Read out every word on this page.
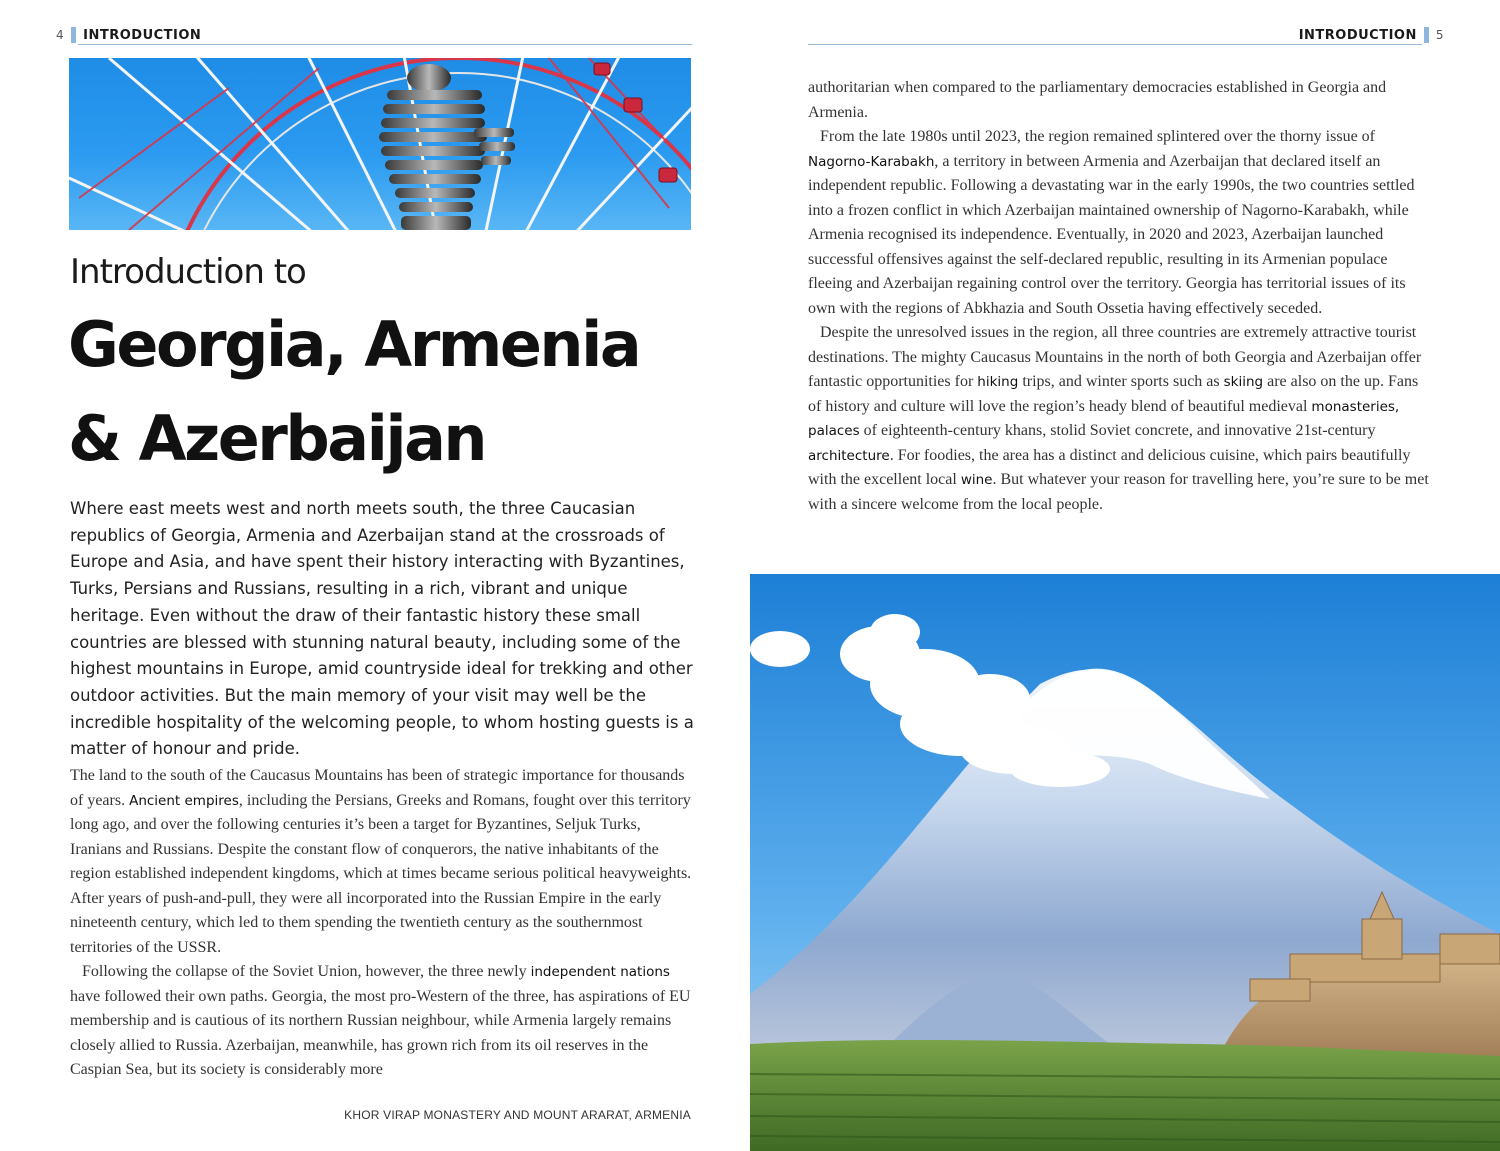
4 INTRODUCTION
Introduction to
Georgia, Armenia
& Azerbaijan

Where east meets west and north meets south, the three Caucasian republics of Georgia, Armenia and Azerbaijan stand at the crossroads of Europe and Asia, and have spent their history interacting with Byzantines, Turks, Persians and Russians, resulting in a rich, vibrant and unique heritage. Even without the draw of their fantastic history these small countries are blessed with stunning natural beauty, including some of the highest mountains in Europe, amid countryside ideal for trekking and other outdoor activities. But the main memory of your visit may well be the incredible hospitality of the welcoming people, to whom hosting guests is a matter of honour and pride.

The land to the south of the Caucasus Mountains has been of strategic importance for thousands of years. Ancient empires, including the Persians, Greeks and Romans, fought over this territory long ago, and over the following centuries it’s been a target for Byzantines, Seljuk Turks, Iranians and Russians. Despite the constant flow of conquerors, the native inhabitants of the region established independent kingdoms, which at times became serious political heavyweights. After years of push-and-pull, they were all incorporated into the Russian Empire in the early nineteenth century, which led to them spending the twentieth century as the southernmost territories of the USSR.

Following the collapse of the Soviet Union, however, the three newly independent nations have followed their own paths. Georgia, the most pro-Western of the three, has aspirations of EU membership and is cautious of its northern Russian neighbour, while Armenia largely remains closely allied to Russia. Azerbaijan, meanwhile, has grown rich from its oil reserves in the Caspian Sea, but its society is considerably more

KHOR VIRAP MONASTERY AND MOUNT ARARAT, ARMENIA
INTRODUCTION 5

authoritarian when compared to the parliamentary democracies established in Georgia and Armenia.

From the late 1980s until 2023, the region remained splintered over the thorny issue of Nagorno-Karabakh, a territory in between Armenia and Azerbaijan that declared itself an independent republic. Following a devastating war in the early 1990s, the two countries settled into a frozen conflict in which Azerbaijan maintained ownership of Nagorno-Karabakh, while Armenia recognised its independence. Eventually, in 2020 and 2023, Azerbaijan launched successful offensives against the self-declared republic, resulting in its Armenian populace fleeing and Azerbaijan regaining control over the territory. Georgia has territorial issues of its own with the regions of Abkhazia and South Ossetia having effectively seceded.

Despite the unresolved issues in the region, all three countries are extremely attractive tourist destinations. The mighty Caucasus Mountains in the north of both Georgia and Azerbaijan offer fantastic opportunities for hiking trips, and winter sports such as skiing are also on the up. Fans of history and culture will love the region’s heady blend of beautiful medieval monasteries, palaces of eighteenth-century khans, stolid Soviet concrete, and innovative 21st-century architecture. For foodies, the area has a distinct and delicious cuisine, which pairs beautifully with the excellent local wine. But whatever your reason for travelling here, you’re sure to be met with a sincere welcome from the local people.
